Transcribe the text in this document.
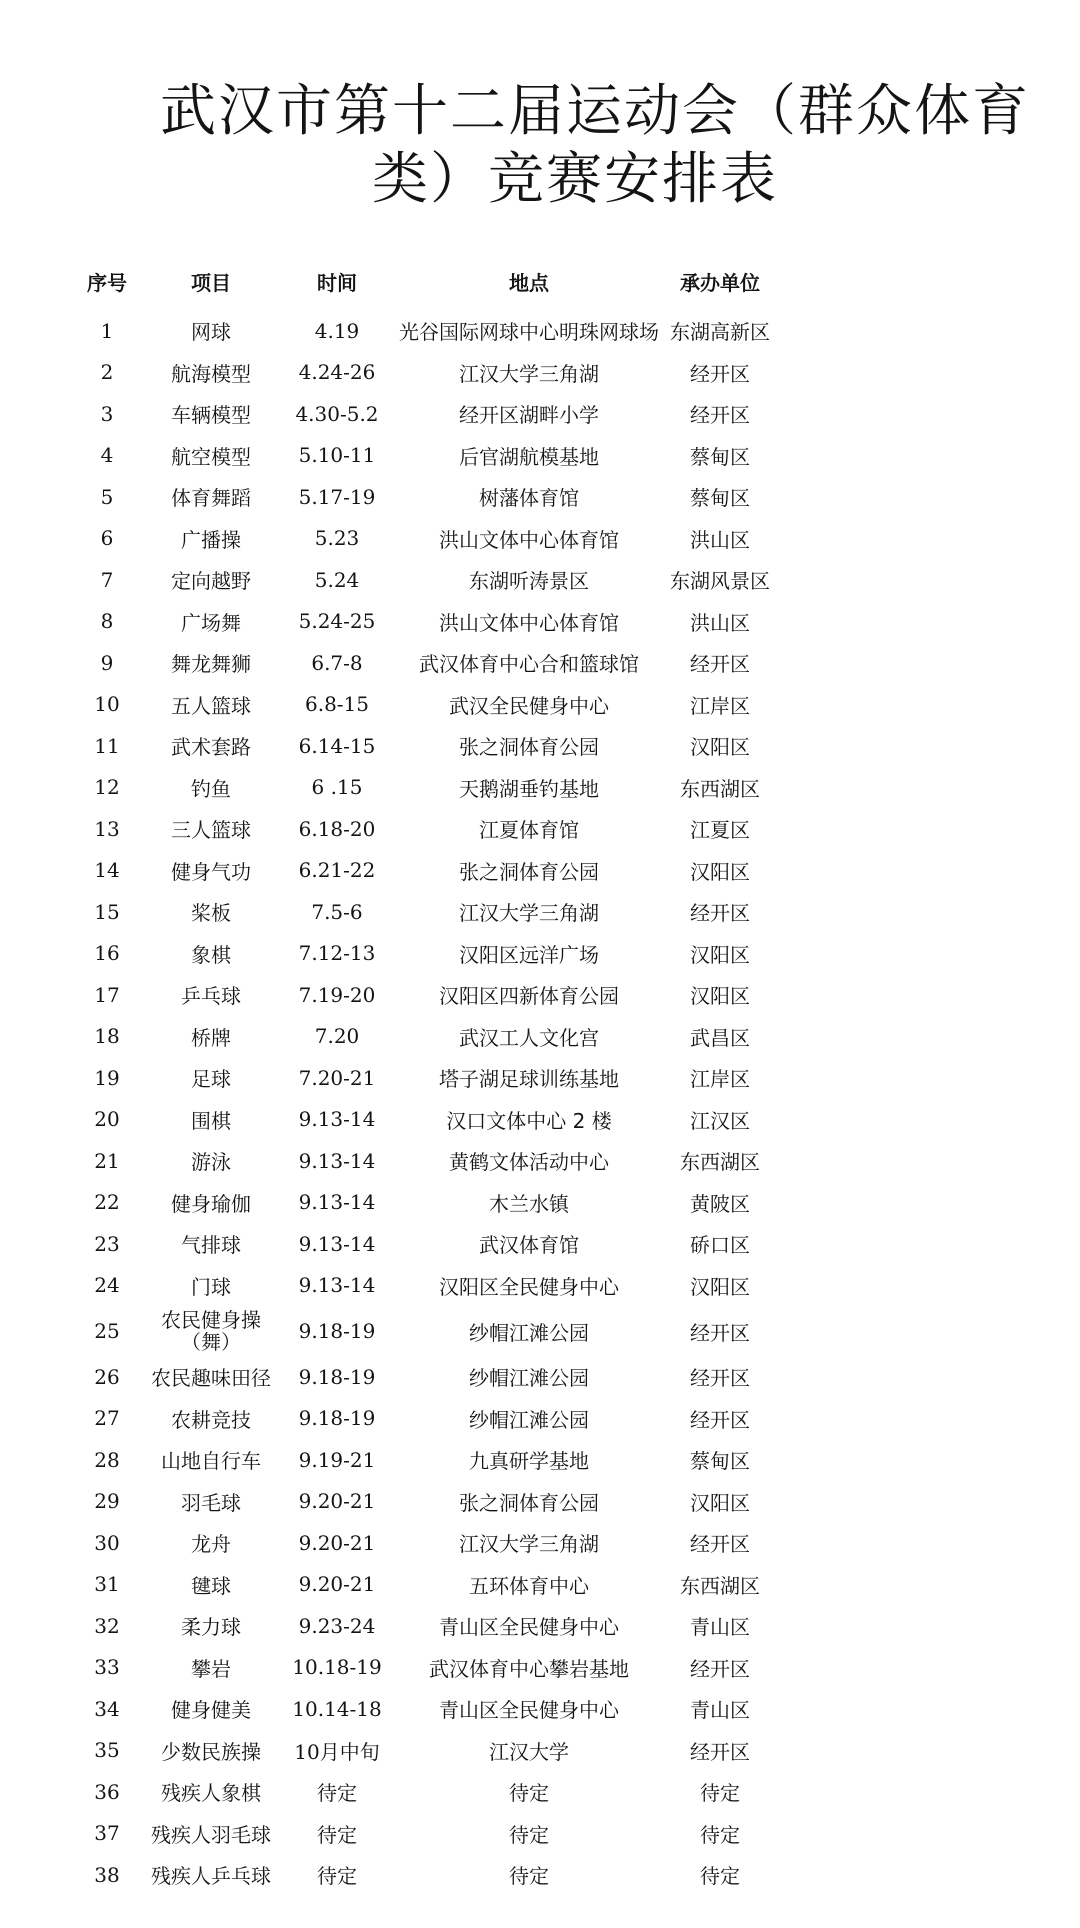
武汉市第十二届运动会（群众体育
类）竞赛安排表
序号	项目	时间	地点	承办单位
1	网球	4.19	光谷国际网球中心明珠网球场	东湖高新区
2	航海模型	4.24-26	江汉大学三角湖	经开区
3	车辆模型	4.30-5.2	经开区湖畔小学	经开区
4	航空模型	5.10-11	后官湖航模基地	蔡甸区
5	体育舞蹈	5.17-19	树藩体育馆	蔡甸区
6	广播操	5.23	洪山文体中心体育馆	洪山区
7	定向越野	5.24	东湖听涛景区	东湖风景区
8	广场舞	5.24-25	洪山文体中心体育馆	洪山区
9	舞龙舞狮	6.7-8	武汉体育中心合和篮球馆	经开区
10	五人篮球	6.8-15	武汉全民健身中心	江岸区
11	武术套路	6.14-15	张之洞体育公园	汉阳区
12	钓鱼	6 .15	天鹅湖垂钓基地	东西湖区
13	三人篮球	6.18-20	江夏体育馆	江夏区
14	健身气功	6.21-22	张之洞体育公园	汉阳区
15	桨板	7.5-6	江汉大学三角湖	经开区
16	象棋	7.12-13	汉阳区远洋广场	汉阳区
17	乒乓球	7.19-20	汉阳区四新体育公园	汉阳区
18	桥牌	7.20	武汉工人文化宫	武昌区
19	足球	7.20-21	塔子湖足球训练基地	江岸区
20	围棋	9.13-14	汉口文体中心 2 楼	江汉区
21	游泳	9.13-14	黄鹤文体活动中心	东西湖区
22	健身瑜伽	9.13-14	木兰水镇	黄陂区
23	气排球	9.13-14	武汉体育馆	硚口区
24	门球	9.13-14	汉阳区全民健身中心	汉阳区
25	农民健身操（舞）	9.18-19	纱帽江滩公园	经开区
26	农民趣味田径	9.18-19	纱帽江滩公园	经开区
27	农耕竞技	9.18-19	纱帽江滩公园	经开区
28	山地自行车	9.19-21	九真研学基地	蔡甸区
29	羽毛球	9.20-21	张之洞体育公园	汉阳区
30	龙舟	9.20-21	江汉大学三角湖	经开区
31	毽球	9.20-21	五环体育中心	东西湖区
32	柔力球	9.23-24	青山区全民健身中心	青山区
33	攀岩	10.18-19	武汉体育中心攀岩基地	经开区
34	健身健美	10.14-18	青山区全民健身中心	青山区
35	少数民族操	10月中旬	江汉大学	经开区
36	残疾人象棋	待定	待定	待定
37	残疾人羽毛球	待定	待定	待定
38	残疾人乒乓球	待定	待定	待定
